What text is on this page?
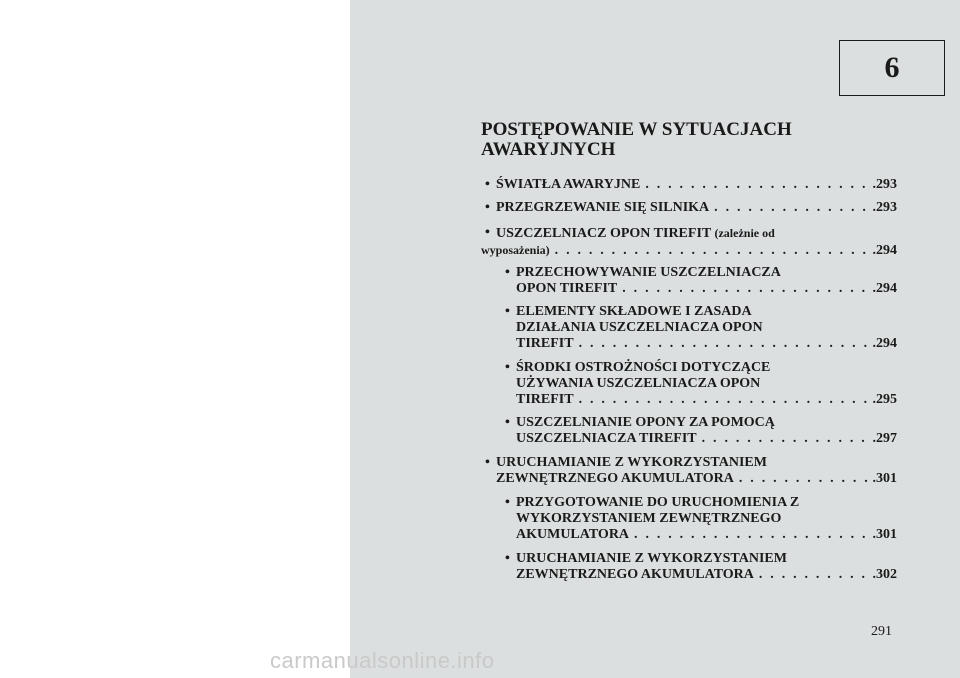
6
POSTĘPOWANIE W SYTUACJACH
AWARYJNYCH
• ŚWIATŁA AWARYJNE . . .	.293
• PRZEGRZEWANIE SIĘ SILNIKA . . .	.293
• USZCZELNIACZ OPON TIREFIT (zależnie od
wyposażenia) . . .	.294
• PRZECHOWYWANIE USZCZELNIACZA
OPON TIREFIT . . .	.294
• ELEMENTY SKŁADOWE I ZASADA
DZIAŁANIA USZCZELNIACZA OPON
TIREFIT . . .	.294
• ŚRODKI OSTROŻNOŚCI DOTYCZĄCE
UŻYWANIA USZCZELNIACZA OPON
TIREFIT . . .	.295
• USZCZELNIANIE OPONY ZA POMOCĄ
USZCZELNIACZA TIREFIT . . .	.297
• URUCHAMIANIE Z WYKORZYSTANIEM
ZEWNĘTRZNEGO AKUMULATORA . . .	.301
• PRZYGOTOWANIE DO URUCHOMIENIA Z
WYKORZYSTANIEM ZEWNĘTRZNEGO
AKUMULATORA . . .	.301
• URUCHAMIANIE Z WYKORZYSTANIEM
ZEWNĘTRZNEGO AKUMULATORA . . .	.302
291
carmanualsonline.info
